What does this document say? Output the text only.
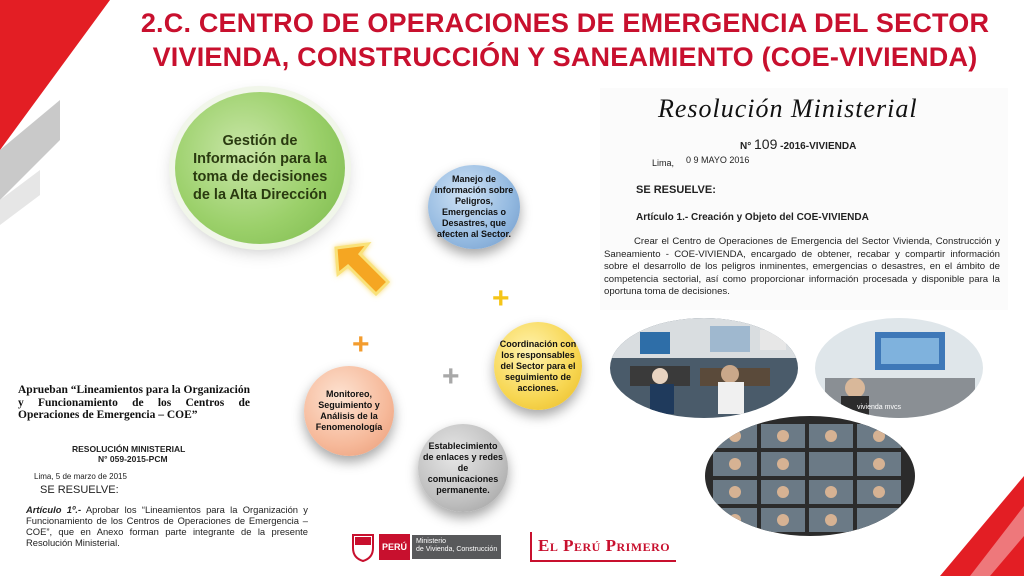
2.C. CENTRO DE OPERACIONES DE EMERGENCIA DEL SECTOR
VIVIENDA, CONSTRUCCIÓN Y SANEAMIENTO (COE-VIVIENDA)
Gestión de Información para la toma de decisiones de la Alta Dirección
Manejo de información sobre Peligros, Emergencias o Desastres, que afecten al Sector.
Coordinación con los responsables del Sector para el seguimiento de acciones.
Monitoreo, Seguimiento y Análisis de la Fenomenología
Establecimiento de enlaces y redes de comunicaciones permanente.
+
+
+
Resolución Ministerial
N° 109 -2016-VIVIENDA
Lima, 0 9 MAYO 2016
SE RESUELVE:
Artículo 1.- Creación y Objeto del COE-VIVIENDA
Crear el Centro de Operaciones de Emergencia del Sector Vivienda, Construcción y Saneamiento - COE-VIVIENDA, encargado de obtener, recabar y compartir información sobre el desarrollo de los peligros inminentes, emergencias o desastres, en el ámbito de competencia sectorial, así como proporcionar información procesada y disponible para la oportuna toma de decisiones.
Aprueban “Lineamientos para la Organización y Funcionamiento de los Centros de Operaciones de Emergencia – COE”
RESOLUCIÓN MINISTERIAL
N° 059-2015-PCM
Lima, 5 de marzo de 2015
SE RESUELVE:
Artículo 1º.- Aprobar los “Lineamientos para la Organización y Funcionamiento de los Centros de Operaciones de Emergencia – COE”, que en Anexo forman parte integrante de la presente Resolución Ministerial.
vivienda mvcs
PERÚ
Ministerio
de Vivienda, Construcción El Perú Primero
